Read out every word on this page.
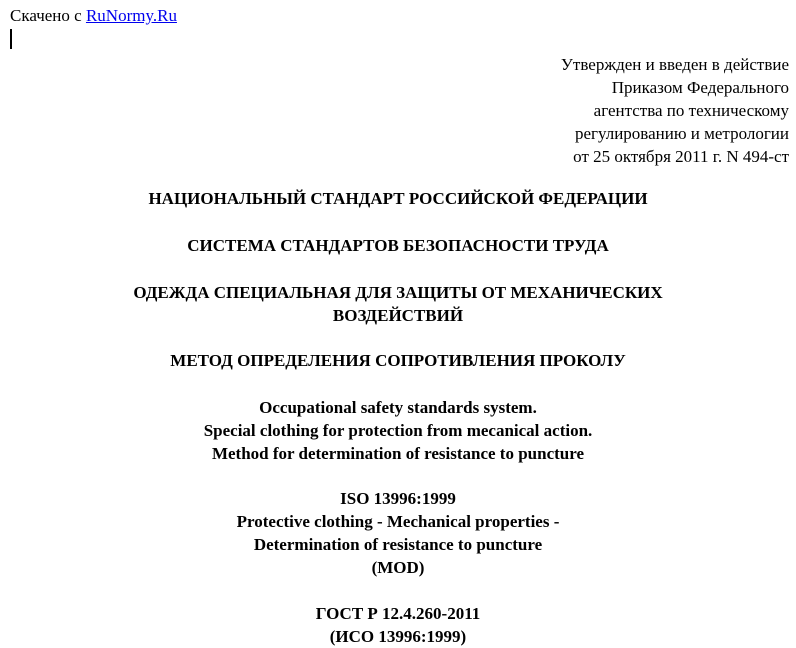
Скачено с RuNormy.Ru
Утвержден и введен в действие
Приказом Федерального
агентства по техническому
регулированию и метрологии
от 25 октября 2011 г. N 494-ст
НАЦИОНАЛЬНЫЙ СТАНДАРТ РОССИЙСКОЙ ФЕДЕРАЦИИ
СИСТЕМА СТАНДАРТОВ БЕЗОПАСНОСТИ ТРУДА
ОДЕЖДА СПЕЦИАЛЬНАЯ ДЛЯ ЗАЩИТЫ ОТ МЕХАНИЧЕСКИХ
ВОЗДЕЙСТВИЙ
МЕТОД ОПРЕДЕЛЕНИЯ СОПРОТИВЛЕНИЯ ПРОКОЛУ
Occupational safety standards system.
Special clothing for protection from mecanical action.
Method for determination of resistance to puncture
ISO 13996:1999
Protective clothing - Mechanical properties -
Determination of resistance to puncture
(MOD)
ГОСТ Р 12.4.260-2011
(ИСО 13996:1999)
